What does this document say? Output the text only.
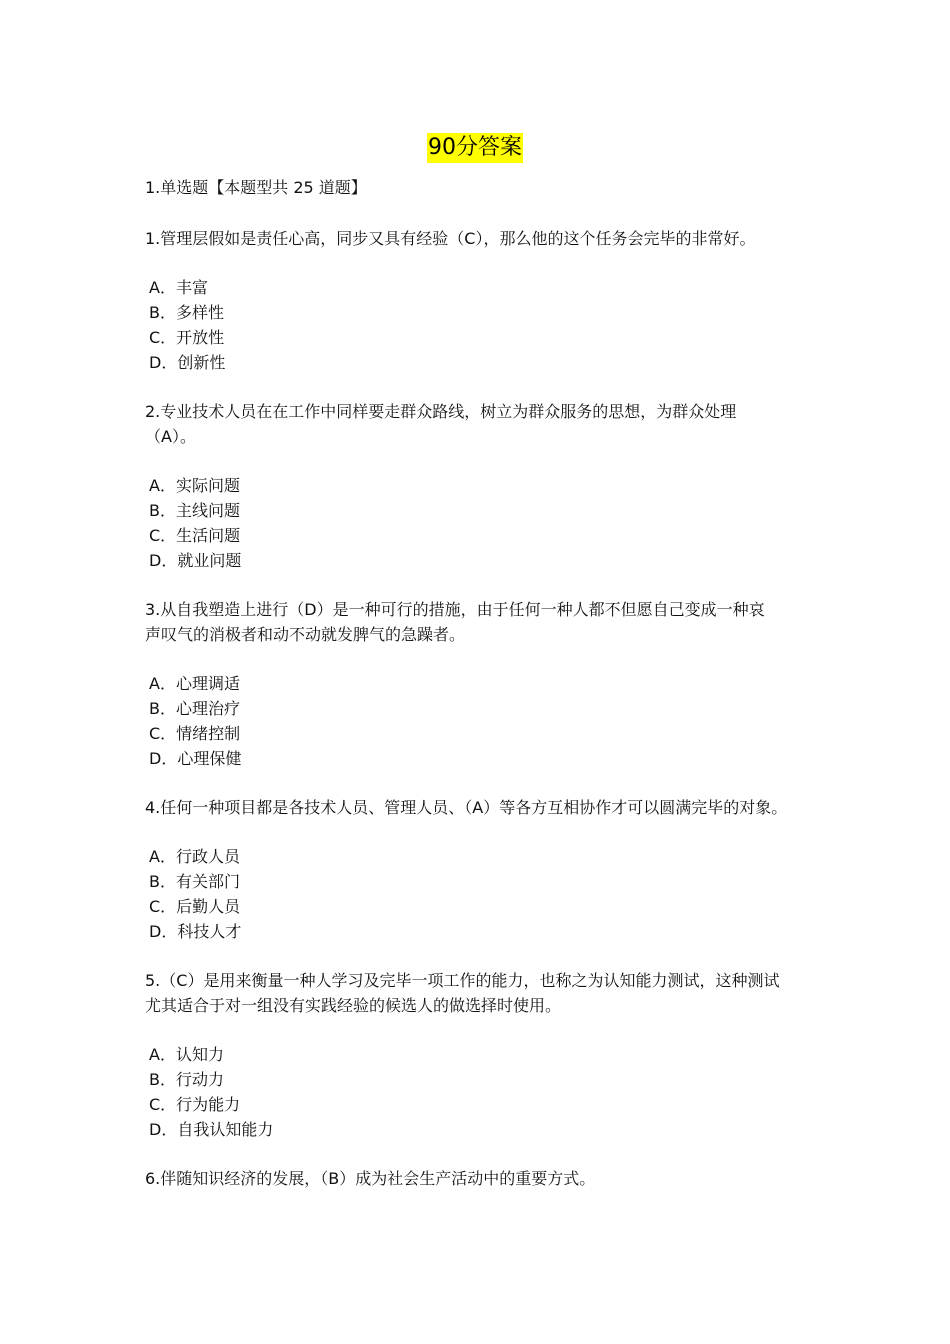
90分答案
1.单选题【本题型共 25 道题】
1.管理层假如是责任心高，同步又具有经验（C），那么他的这个任务会完毕的非常好。
A．丰富
B．多样性
C．开放性
D．创新性
2.专业技术人员在在工作中同样要走群众路线，树立为群众服务的思想，为群众处理
（A）。
A．实际问题
B．主线问题
C．生活问题
D．就业问题
3.从自我塑造上进行（D）是一种可行的措施，由于任何一种人都不但愿自己变成一种哀
声叹气的消极者和动不动就发脾气的急躁者。
A．心理调适
B．心理治疗
C．情绪控制
D．心理保健
4.任何一种项目都是各技术人员、管理人员、（A）等各方互相协作才可以圆满完毕的对象。
A．行政人员
B．有关部门
C．后勤人员
D．科技人才
5.（C）是用来衡量一种人学习及完毕一项工作的能力，也称之为认知能力测试，这种测试
尤其适合于对一组没有实践经验的候选人的做选择时使用。
A．认知力
B．行动力
C．行为能力
D．自我认知能力
6.伴随知识经济的发展，（B）成为社会生产活动中的重要方式。
